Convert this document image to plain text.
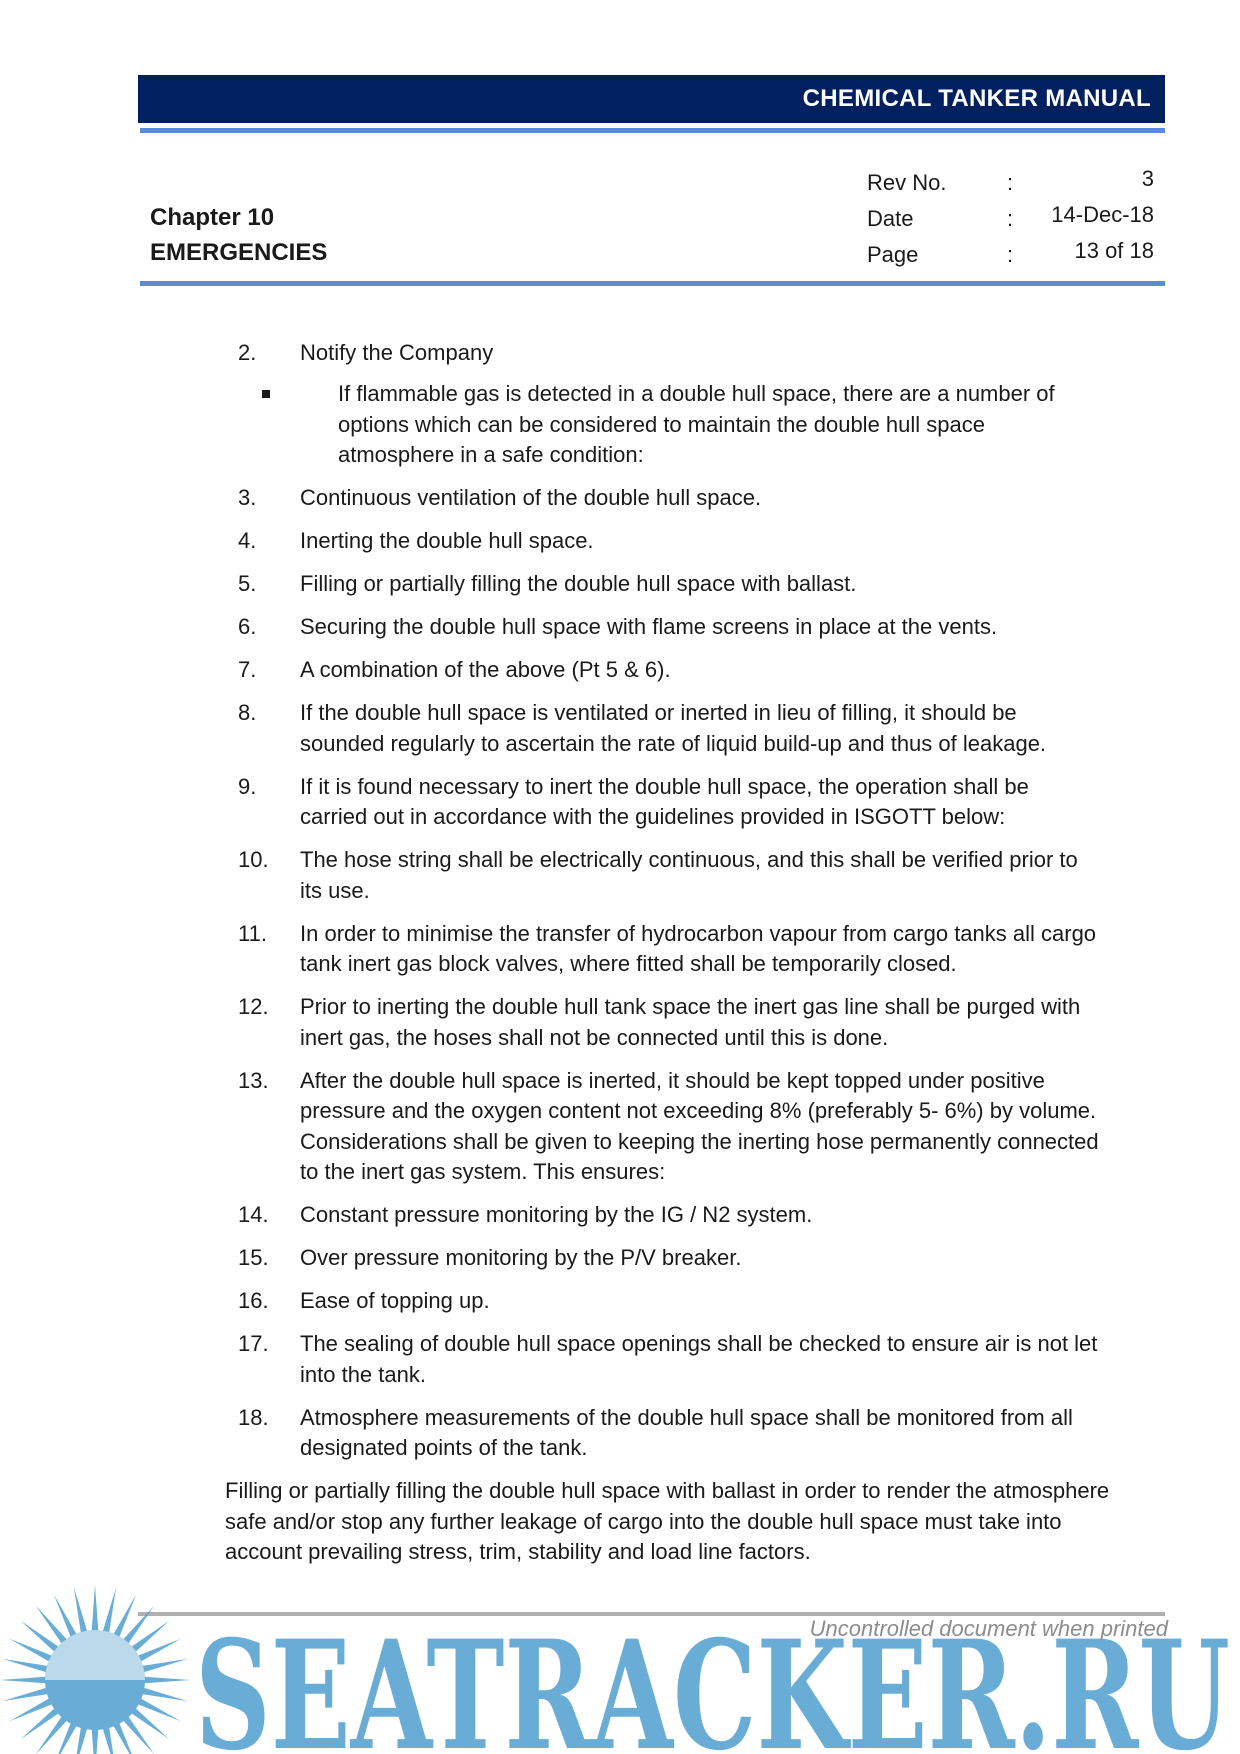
CHEMICAL TANKER MANUAL
Chapter 10
EMERGENCIES
Rev No.	:	3
Date	: 14-Dec-18
Page	:	13 of 18
2.	Notify the Company
If flammable gas is detected in a double hull space, there are a number of options which can be considered to maintain the double hull space atmosphere in a safe condition:
3.	Continuous ventilation of the double hull space.
4.	Inerting the double hull space.
5.	Filling or partially filling the double hull space with ballast.
6.	Securing the double hull space with flame screens in place at the vents.
7.	A combination of the above (Pt 5 & 6).
8.	If the double hull space is ventilated or inerted in lieu of filling, it should be sounded regularly to ascertain the rate of liquid build-up and thus of leakage.
9.	If it is found necessary to inert the double hull space, the operation shall be carried out in accordance with the guidelines provided in ISGOTT below:
10.	The hose string shall be electrically continuous, and this shall be verified prior to its use.
11.	In order to minimise the transfer of hydrocarbon vapour from cargo tanks all cargo tank inert gas block valves, where fitted shall be temporarily closed.
12.	Prior to inerting the double hull tank space the inert gas line shall be purged with inert gas, the hoses shall not be connected until this is done.
13.	After the double hull space is inerted, it should be kept topped under positive pressure and the oxygen content not exceeding 8% (preferably 5- 6%) by volume. Considerations shall be given to keeping the inerting hose permanently connected to the inert gas system. This ensures:
14.	Constant pressure monitoring by the IG / N2 system.
15.	Over pressure monitoring by the P/V breaker.
16.	Ease of topping up.
17.	The sealing of double hull space openings shall be checked to ensure air is not let into the tank.
18.	Atmosphere measurements of the double hull space shall be monitored from all designated points of the tank.
Filling or partially filling the double hull space with ballast in order to render the atmosphere safe and/or stop any further leakage of cargo into the double hull space must take into account prevailing stress, trim, stability and load line factors.
SEATRACKER.RU
Uncontrolled document when printed
